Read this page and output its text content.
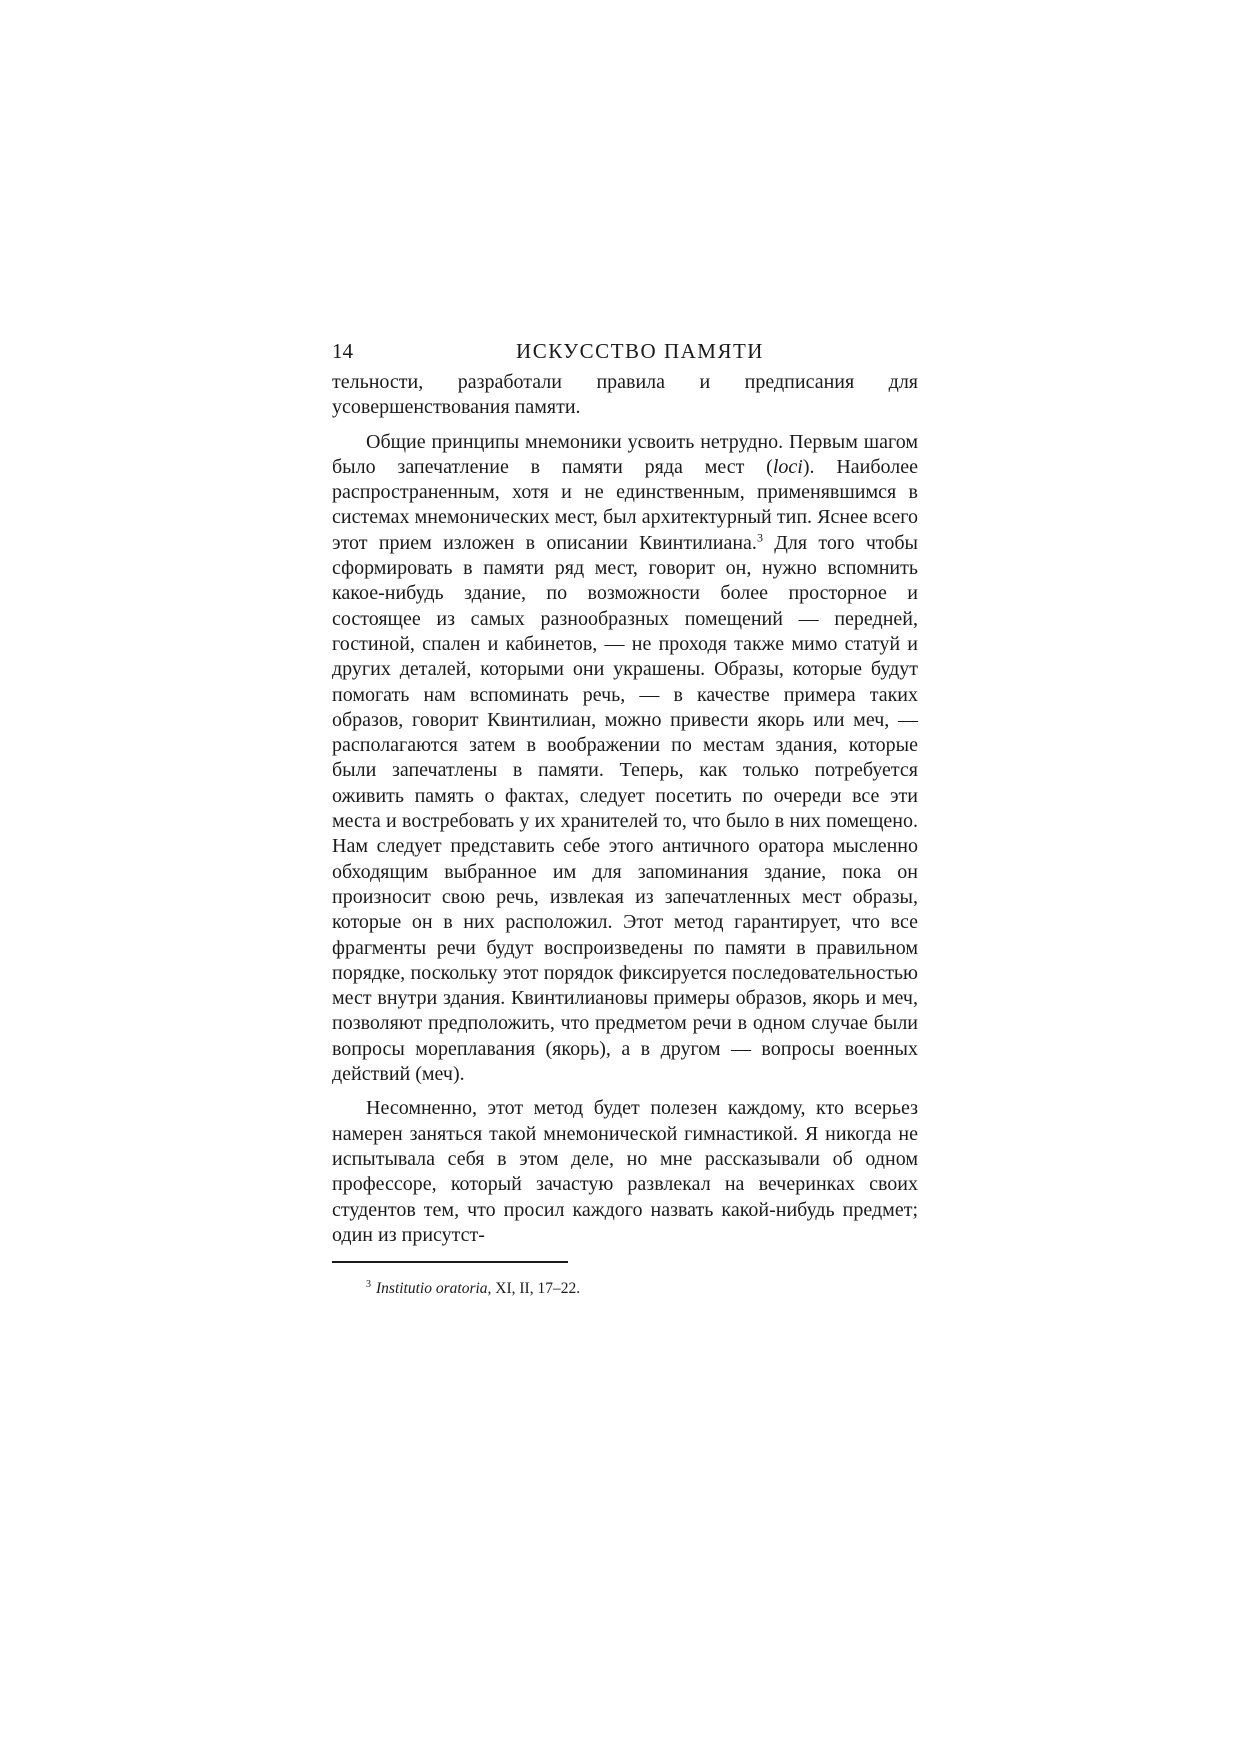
14	ИСКУССТВО ПАМЯТИ

тельности, разработали правила и предписания для усовершенствования памяти.

Общие принципы мнемоники усвоить нетрудно. Первым шагом было запечатление в памяти ряда мест (loci). Наиболее распространенным, хотя и не единственным, применявшимся в системах мнемонических мест, был архитектурный тип. Яснее всего этот прием изложен в описании Квинтилиана.$^3$ Для того чтобы сформировать в памяти ряд мест, говорит он, нужно вспомнить какое-нибудь здание, по возможности более просторное и состоящее из самых разнообразных помещений — передней, гостиной, спален и кабинетов, — не проходя также мимо статуй и других деталей, которыми они украшены. Образы, которые будут помогать нам вспоминать речь, — в качестве примера таких образов, говорит Квинтилиан, можно привести якорь или меч, — располагаются затем в воображении по местам здания, которые были запечатлены в памяти. Теперь, как только потребуется оживить память о фактах, следует посетить по очереди все эти места и востребовать у их хранителей то, что было в них помещено. Нам следует представить себе этого античного оратора мысленно обходящим выбранное им для запоминания здание, пока он произносит свою речь, извлекая из запечатленных мест образы, которые он в них расположил. Этот метод гарантирует, что все фрагменты речи будут воспроизведены по памяти в правильном порядке, поскольку этот порядок фиксируется последовательностью мест внутри здания. Квинтилиановы примеры образов, якорь и меч, позволяют предположить, что предметом речи в одном случае были вопросы мореплавания (якорь), а в другом — вопросы военных действий (меч).

Несомненно, этот метод будет полезен каждому, кто всерьез намерен заняться такой мнемонической гимнастикой. Я никогда не испытывала себя в этом деле, но мне рассказывали об одном профессоре, который зачастую развлекал на вечеринках своих студентов тем, что просил каждого назвать какой-нибудь предмет; один из присутст-

$^3$ Institutio oratoria, XI, II, 17–22.
